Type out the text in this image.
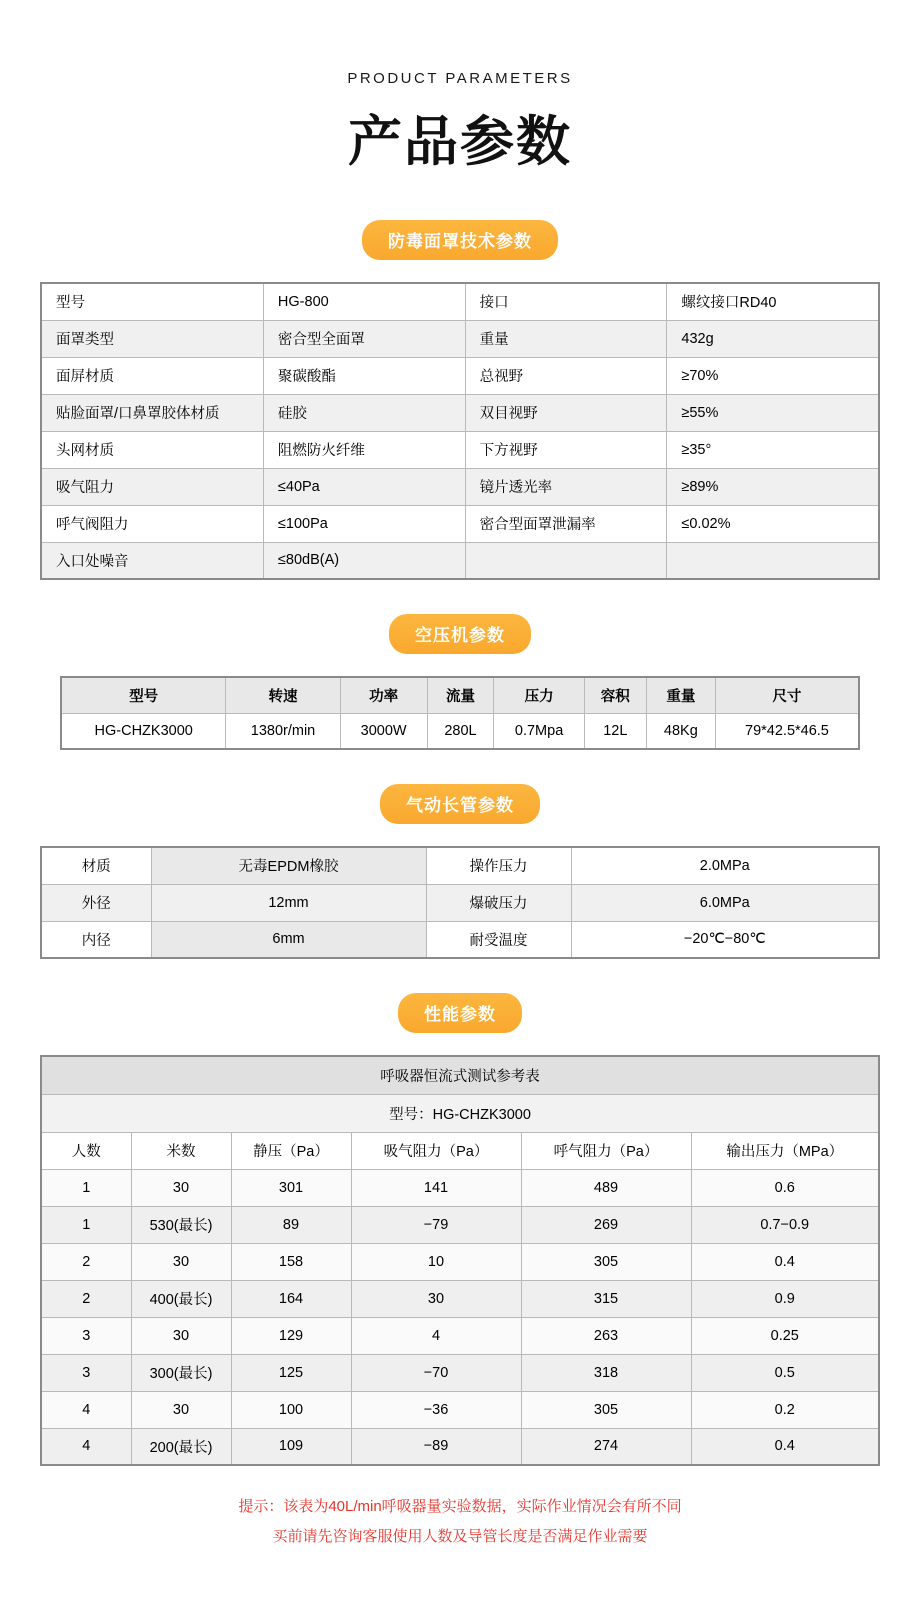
PRODUCT PARAMETERS
产品参数
防毒面罩技术参数
型号	HG-800	接口	螺纹接口RD40
面罩类型	密合型全面罩	重量	432g
面屏材质	聚碳酸酯	总视野	≥70%
贴脸面罩/口鼻罩胶体材质	硅胶	双目视野	≥55%
头网材质	阻燃防火纤维	下方视野	≥35°
吸气阻力	≤40Pa	镜片透光率	≥89%
呼气阀阻力	≤100Pa	密合型面罩泄漏率	≤0.02%
入口处噪音	≤80dB(A)		
空压机参数
型号	转速	功率	流量	压力	容积	重量	尺寸
HG-CHZK3000	1380r/min	3000W	280L	0.7Mpa	12L	48Kg	79*42.5*46.5
气动长管参数
材质	无毒EPDM橡胶	操作压力	2.0MPa
外径	12mm	爆破压力	6.0MPa
内径	6mm	耐受温度	−20℃−80℃
性能参数
呼吸器恒流式测试参考表					
型号：HG-CHZK3000					
人数	米数	静压（Pa）	吸气阻力（Pa）	呼气阻力（Pa）	输出压力（MPa）
1	30	301	141	489	0.6
1	530(最长)	89	−79	269	0.7−0.9
2	30	158	10	305	0.4
2	400(最长)	164	30	315	0.9
3	30	129	4	263	0.25
3	300(最长)	125	−70	318	0.5
4	30	100	−36	305	0.2
4	200(最长)	109	−89	274	0.4
提示：该表为40L/min呼吸器量实验数据，实际作业情况会有所不同
买前请先咨询客服使用人数及导管长度是否满足作业需要
